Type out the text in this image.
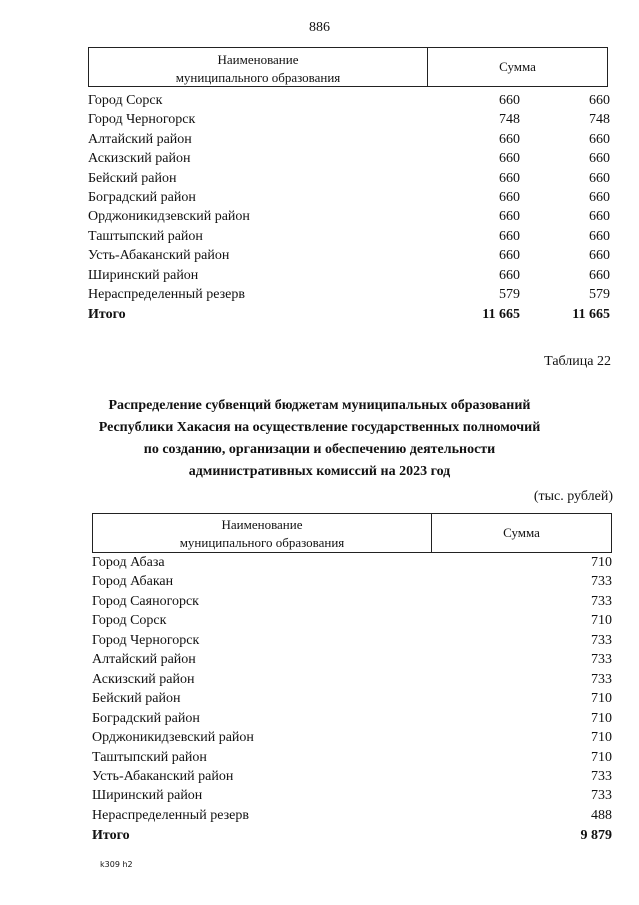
886
Наименование
муниципального образования
Сумма
Город Сорск	660	660
Город Черногорск	748	748
Алтайский район	660	660
Аскизский район	660	660
Бейский район	660	660
Боградский район	660	660
Орджоникидзевский район	660	660
Таштыпский район	660	660
Усть-Абаканский район	660	660
Ширинский район	660	660
Нераспределенный резерв	579	579
Итого	11 665	11 665
Таблица 22
Распределение субвенций бюджетам муниципальных образований
Республики Хакасия на осуществление государственных полномочий
по созданию, организации и обеспечению деятельности
административных комиссий на 2023 год
(тыс. рублей)
Наименование
муниципального образования
Сумма
Город Абаза	710
Город Абакан	733
Город Саяногорск	733
Город Сорск	710
Город Черногорск	733
Алтайский район	733
Аскизский район	733
Бейский район	710
Боградский район	710
Орджоникидзевский район	710
Таштыпский район	710
Усть-Абаканский район	733
Ширинский район	733
Нераспределенный резерв	488
Итого	9 879
k309 h2
